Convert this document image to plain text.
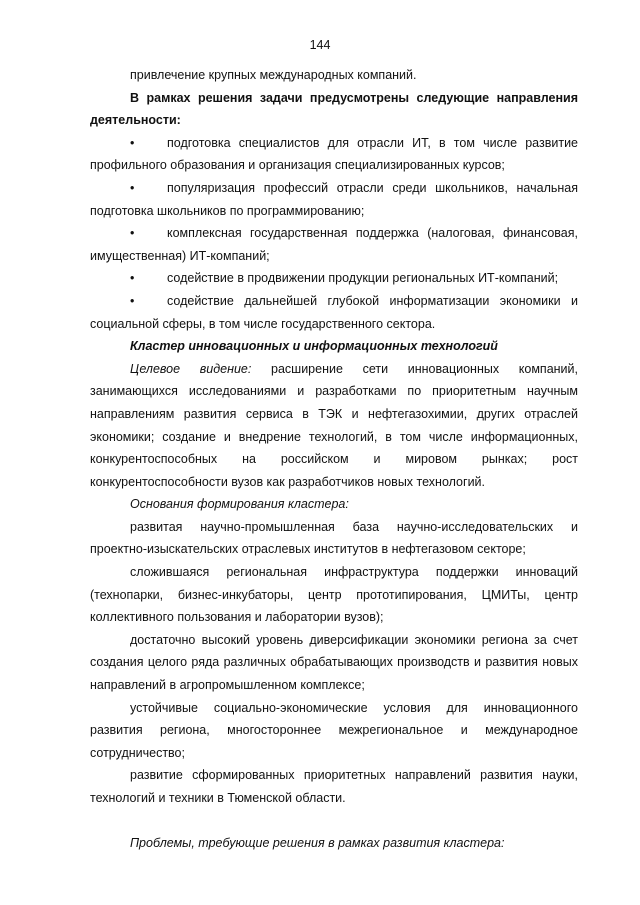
144

привлечение крупных международных компаний.

В рамках решения задачи предусмотрены следующие направления деятельности:

•	подготовка специалистов для отрасли ИТ, в том числе развитие профильного образования и организация специализированных курсов;

•	популяризация профессий отрасли среди школьников, начальная подготовка школьников по программированию;

•	комплексная государственная поддержка (налоговая, финансовая, имущественная) ИТ-компаний;

•	содействие в продвижении продукции региональных ИТ-компаний;

•	содействие дальнейшей глубокой информатизации экономики и социальной сферы, в том числе государственного сектора.

Кластер инновационных и информационных технологий

Целевое видение: расширение сети инновационных компаний, занимающихся исследованиями и разработками по приоритетным научным направлениям развития сервиса в ТЭК и нефтегазохимии, других отраслей экономики; создание и внедрение технологий, в том числе информационных, конкурентоспособных на российском и мировом рынках; рост конкурентоспособности вузов как разработчиков новых технологий.

Основания формирования кластера:

развитая научно-промышленная база научно-исследовательских и проектно-изыскательских отраслевых институтов в нефтегазовом секторе;

сложившаяся региональная инфраструктура поддержки инноваций (технопарки, бизнес-инкубаторы, центр прототипирования, ЦМИТы, центр коллективного пользования и лаборатории вузов);

достаточно высокий уровень диверсификации экономики региона за счет создания целого ряда различных обрабатывающих производств и развития новых направлений в агропромышленном комплексе;

устойчивые социально-экономические условия для инновационного развития региона, многостороннее межрегиональное и международное сотрудничество;

развитие сформированных приоритетных направлений развития науки, технологий и техники в Тюменской области.

Проблемы, требующие решения в рамках развития кластера:
